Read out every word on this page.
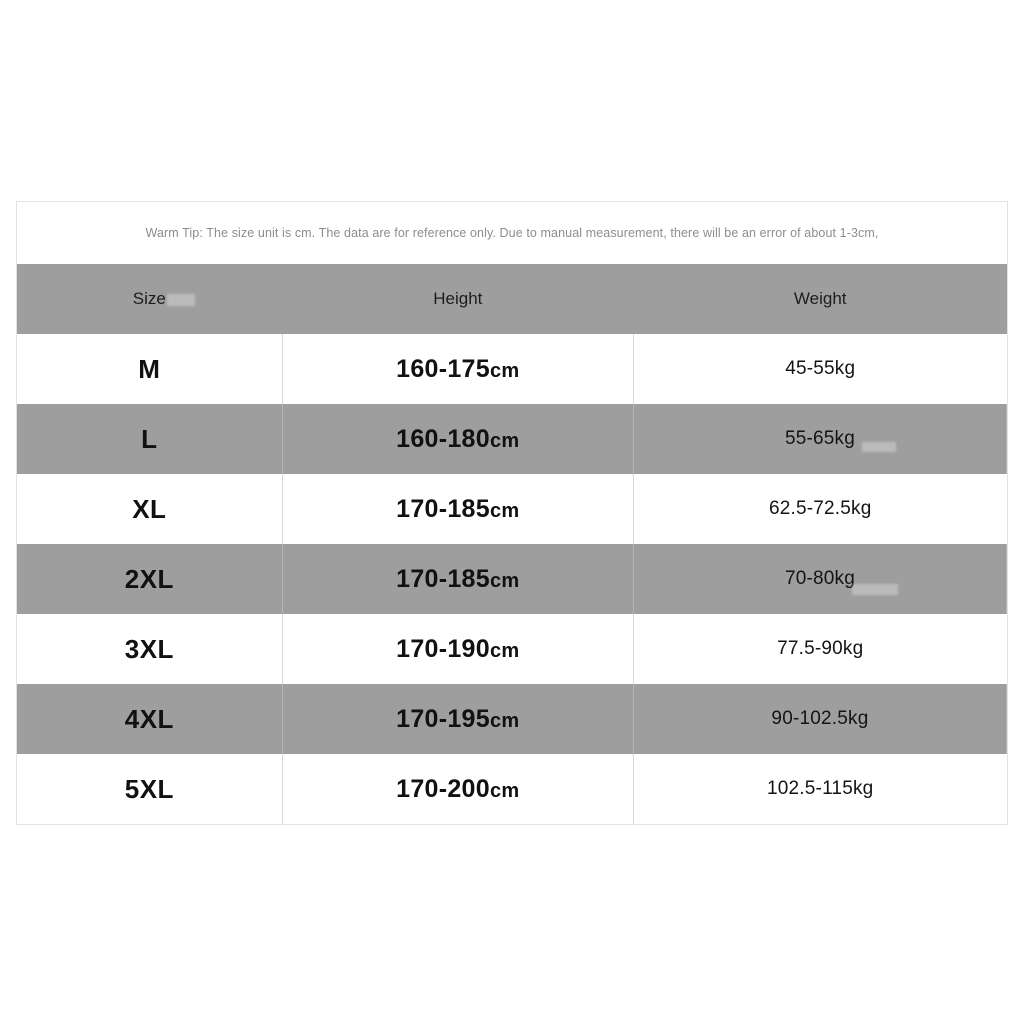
Warm Tip: The size unit is cm. The data are for reference only. Due to manual measurement, there will be an error of about 1-3cm,
Size	Height	Weight
M	160-175cm	45-55kg
L	160-180cm	55-65kg
XL	170-185cm	62.5-72.5kg
2XL	170-185cm	70-80kg
3XL	170-190cm	77.5-90kg
4XL	170-195cm	90-102.5kg
5XL	170-200cm	102.5-115kg
